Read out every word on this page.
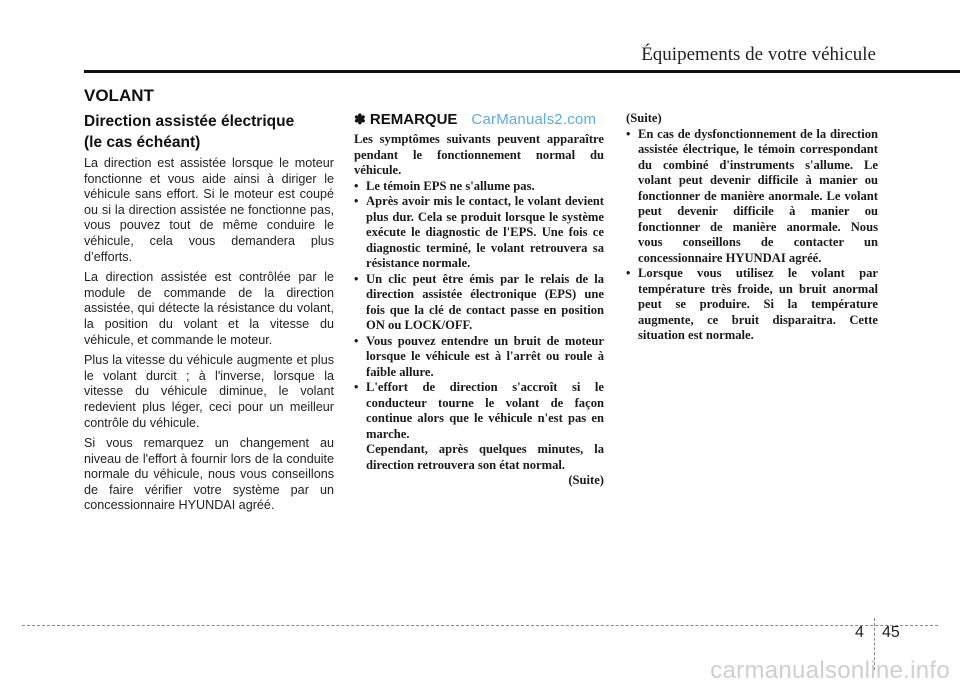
Équipements de votre véhicule
VOLANT
Direction assistée électrique
(le cas échéant)

La direction est assistée lorsque le moteur fonctionne et vous aide ainsi à diriger le véhicule sans effort. Si le moteur est coupé ou si la direction assistée ne fonctionne pas, vous pouvez tout de même conduire le véhicule, cela vous demandera plus d’efforts.

La direction assistée est contrôlée par le module de commande de la direction assistée, qui détecte la résistance du volant, la position du volant et la vitesse du véhicule, et commande le moteur.

Plus la vitesse du véhicule augmente et plus le volant durcit ; à l'inverse, lorsque la vitesse du véhicule diminue, le volant redevient plus léger, ceci pour un meilleur contrôle du véhicule.

Si vous remarquez un changement au niveau de l'effort à fournir lors de la conduite normale du véhicule, nous vous conseillons de faire vérifier votre système par un concessionnaire HYUNDAI agréé.

✽ REMARQUE CarManuals2.com

Les symptômes suivants peuvent apparaître pendant le fonctionnement normal du véhicule.

• Le témoin EPS ne s'allume pas.
• Après avoir mis le contact, le volant devient plus dur. Cela se produit lorsque le système exécute le diagnostic de l'EPS. Une fois ce diagnostic terminé, le volant retrouvera sa résistance normale.
• Un clic peut être émis par le relais de la direction assistée électronique (EPS) une fois que la clé de contact passe en position ON ou LOCK/OFF.
• Vous pouvez entendre un bruit de moteur lorsque le véhicule est à l'arrêt ou roule à faible allure.
• L'effort de direction s'accroît si le conducteur tourne le volant de façon continue alors que le véhicule n'est pas en marche.
Cependant, après quelques minutes, la direction retrouvera son état normal.
(Suite)

(Suite)

• En cas de dysfonctionnement de la direction assistée électrique, le témoin correspondant du combiné d'instruments s'allume. Le volant peut devenir difficile à manier ou fonctionner de manière anormale. Le volant peut devenir difficile à manier ou fonctionner de manière anormale. Nous vous conseillons de contacter un concessionnaire HYUNDAI agréé.
• Lorsque vous utilisez le volant par température très froide, un bruit anormal peut se produire. Si la température augmente, ce bruit disparaitra. Cette situation est normale.
4 45
carmanualsonline.info
